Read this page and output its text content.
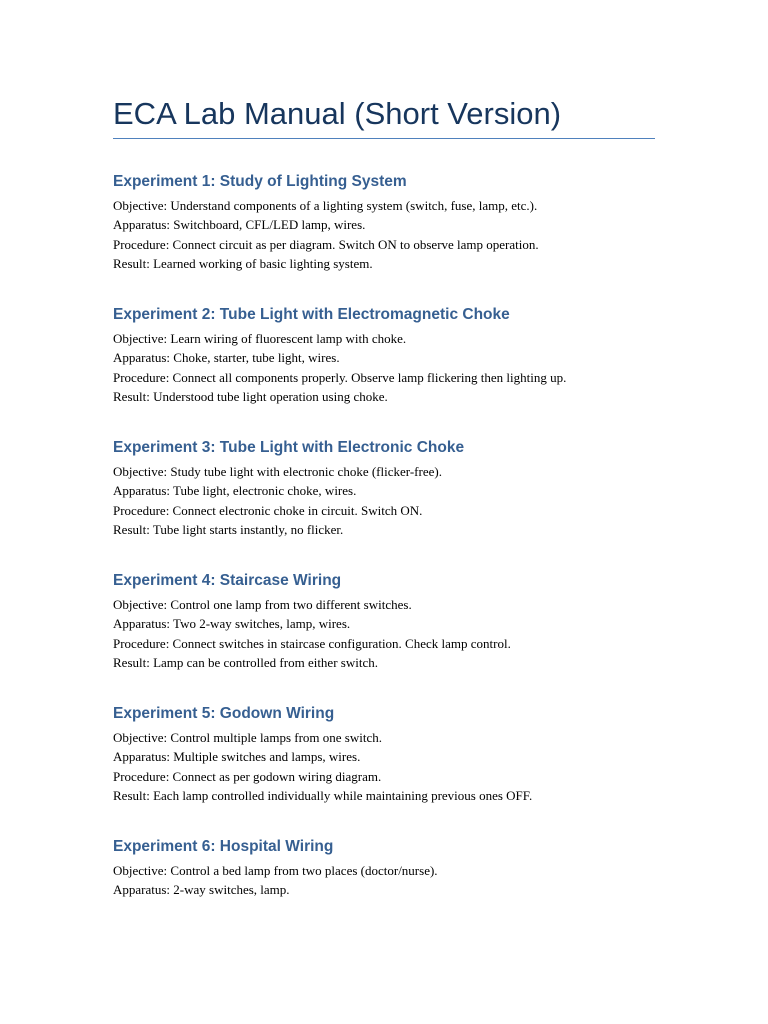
ECA Lab Manual (Short Version)
Experiment 1: Study of Lighting System

Objective: Understand components of a lighting system (switch, fuse, lamp, etc.).

Apparatus: Switchboard, CFL/LED lamp, wires.

Procedure: Connect circuit as per diagram. Switch ON to observe lamp operation.

Result: Learned working of basic lighting system.

Experiment 2: Tube Light with Electromagnetic Choke

Objective: Learn wiring of fluorescent lamp with choke.

Apparatus: Choke, starter, tube light, wires.

Procedure: Connect all components properly. Observe lamp flickering then lighting up.

Result: Understood tube light operation using choke.

Experiment 3: Tube Light with Electronic Choke

Objective: Study tube light with electronic choke (flicker-free).

Apparatus: Tube light, electronic choke, wires.

Procedure: Connect electronic choke in circuit. Switch ON.

Result: Tube light starts instantly, no flicker.

Experiment 4: Staircase Wiring

Objective: Control one lamp from two different switches.

Apparatus: Two 2-way switches, lamp, wires.

Procedure: Connect switches in staircase configuration. Check lamp control.

Result: Lamp can be controlled from either switch.

Experiment 5: Godown Wiring

Objective: Control multiple lamps from one switch.

Apparatus: Multiple switches and lamps, wires.

Procedure: Connect as per godown wiring diagram.

Result: Each lamp controlled individually while maintaining previous ones OFF.

Experiment 6: Hospital Wiring

Objective: Control a bed lamp from two places (doctor/nurse).

Apparatus: 2-way switches, lamp.
